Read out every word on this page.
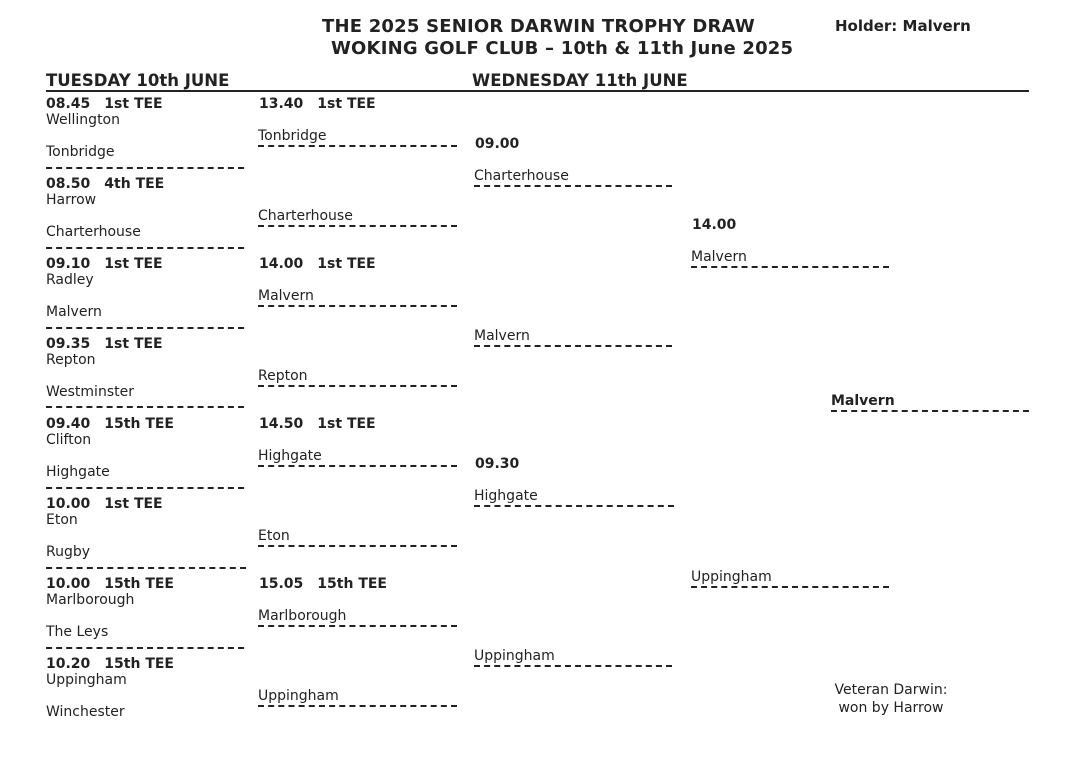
THE 2025 SENIOR DARWIN TROPHY DRAW
WOKING GOLF CLUB – 10th & 11th June 2025
Holder: Malvern
TUESDAY 10th JUNE	WEDNESDAY 11th JUNE
08.45 1st TEE
Wellington
Tonbridge
08.50 4th TEE
Harrow
Charterhouse
09.10 1st TEE
Radley
Malvern
09.35 1st TEE
Repton
Westminster
09.40 15th TEE
Clifton
Highgate
10.00 1st TEE
Eton
Rugby
10.00 15th TEE
Marlborough
The Leys
10.20 15th TEE
Uppingham
Winchester
13.40 1st TEE
Tonbridge
Charterhouse
14.00 1st TEE
Malvern
Repton
14.50 1st TEE
Highgate
Eton
15.05 15th TEE
Marlborough
Uppingham
09.00
Charterhouse
Malvern
09.30
Highgate
Uppingham
14.00
Malvern
Uppingham
Malvern
Veteran Darwin:
won by Harrow
